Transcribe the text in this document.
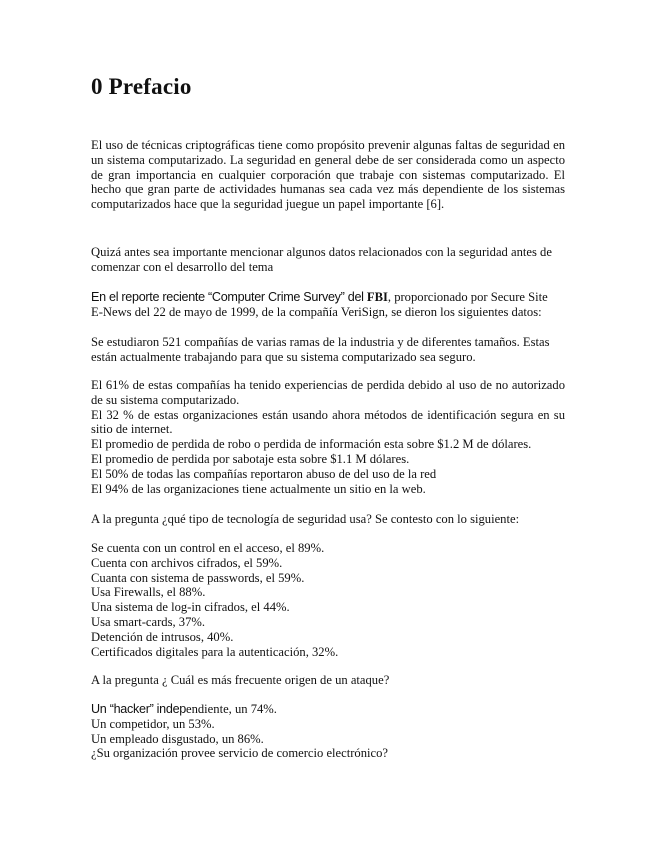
0 Prefacio

El uso de técnicas criptográficas tiene como propósito prevenir algunas faltas de seguridad en un sistema computarizado. La seguridad en general debe de ser considerada como un aspecto de gran importancia en cualquier corporación que trabaje con sistemas computarizado. El hecho que gran parte de actividades humanas sea cada vez más dependiente de los sistemas computarizados hace que la seguridad juegue un papel importante [6].

Quizá antes sea importante mencionar algunos datos relacionados con la seguridad antes de comenzar con el desarrollo del tema

En el reporte reciente “Computer Crime Survey” del FBI, proporcionado por Secure Site
E-News del 22 de mayo de 1999, de la compañía VeriSign, se dieron los siguientes datos:

Se estudiaron 521 compañías de varias ramas de la industria y de diferentes tamaños. Estas están actualmente trabajando para que su sistema computarizado sea seguro.

El 61% de estas compañías ha tenido experiencias de perdida debido al uso de no autorizado de su sistema computarizado.
El 32 % de estas organizaciones están usando ahora métodos de identificación segura en su sitio de internet.
El promedio de perdida de robo o perdida de información esta sobre $1.2 M de dólares.
El promedio de perdida por sabotaje esta sobre $1.1 M dólares.
El 50% de todas las compañías reportaron abuso de del uso de la red
El 94% de las organizaciones tiene actualmente un sitio en la web.

A la pregunta ¿qué tipo de tecnología de seguridad usa? Se contesto con lo siguiente:

Se cuenta con un control en el acceso, el 89%.
Cuenta con archivos cifrados, el 59%.
Cuanta con sistema de passwords, el 59%.
Usa Firewalls, el 88%.
Una sistema de log-in cifrados, el 44%.
Usa smart-cards, 37%.
Detención de intrusos, 40%.
Certificados digitales para la autenticación, 32%.

A la pregunta ¿ Cuál es más frecuente origen de un ataque?

Un “hacker” independiente, un 74%.
Un competidor, un 53%.
Un empleado disgustado, un 86%.
¿Su organización provee servicio de comercio electrónico?
